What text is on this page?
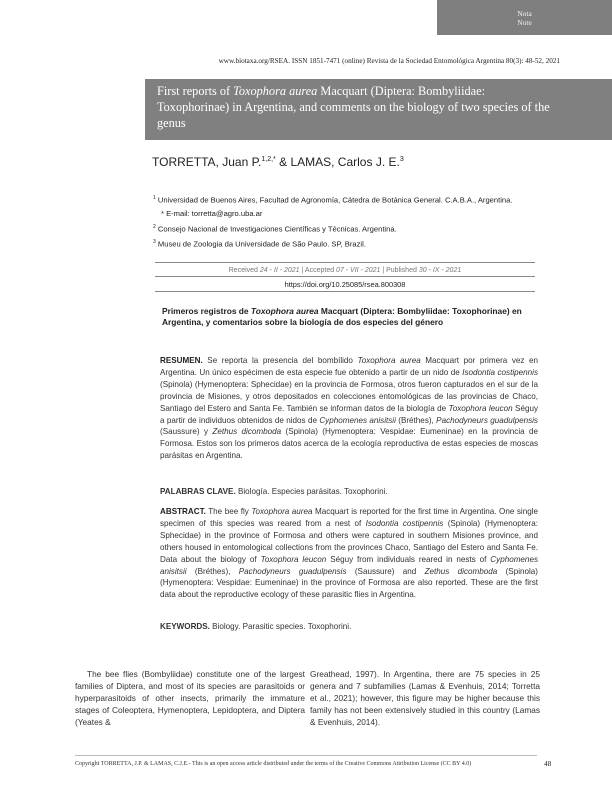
Nota
Note
www.biotaxa.org/RSEA. ISSN 1851-7471 (online) Revista de la Sociedad Entomológica Argentina 80(3): 48-52, 2021
First reports of Toxophora aurea Macquart (Diptera: Bombyliidae: Toxophorinae) in Argentina, and comments on the biology of two species of the genus
TORRETTA, Juan P.$^{1,2,*}$ & LAMAS, Carlos J. E.$^3$
$^1$ Universidad de Buenos Aires, Facultad de Agronomía, Cátedra de Botánica General. C.A.B.A., Argentina.
* E-mail: torretta@agro.uba.ar
$^2$ Consejo Nacional de Investigaciones Científicas y Técnicas. Argentina.
$^3$ Museu de Zoologia da Universidade de São Paulo. SP, Brazil.
Received 24 - II - 2021 | Accepted 07 - VII - 2021 | Published 30 - IX - 2021
https://doi.org/10.25085/rsea.800308
Primeros registros de Toxophora aurea Macquart (Diptera: Bombyliidae: Toxophorinae) en Argentina, y comentarios sobre la biología de dos especies del género
RESUMEN. Se reporta la presencia del bombílido Toxophora aurea Macquart por primera vez en Argentina. Un único espécimen de esta especie fue obtenido a partir de un nido de Isodontia costipennis (Spinola) (Hymenoptera: Sphecidae) en la provincia de Formosa, otros fueron capturados en el sur de la provincia de Misiones, y otros depositados en colecciones entomológicas de las provincias de Chaco, Santiago del Estero and Santa Fe. También se informan datos de la biología de Toxophora leucon Séguy a partir de individuos obtenidos de nidos de Cyphomenes anisitsii (Bréthes), Pachodyneurs guadulpensis (Saussure) y Zethus dicomboda (Spinola) (Hymenoptera: Vespidae: Eumeninae) en la provincia de Formosa. Estos son los primeros datos acerca de la ecología reproductiva de estas especies de moscas parásitas en Argentina.
PALABRAS CLAVE. Biología. Especies parásitas. Toxophorini.
ABSTRACT. The bee fly Toxophora aurea Macquart is reported for the first time in Argentina. One single specimen of this species was reared from a nest of Isodontia costipennis (Spinola) (Hymenoptera: Sphecidae) in the province of Formosa and others were captured in southern Misiones province, and others housed in entomological collections from the provinces Chaco, Santiago del Estero and Santa Fe. Data about the biology of Toxophora leucon Séguy from individuals reared in nests of Cyphomenes anisitsii (Bréthes), Pachodyneurs guadulpensis (Saussure) and Zethus dicomboda (Spinola) (Hymenoptera: Vespidae: Eumeninae) in the province of Formosa are also reported. These are the first data about the reproductive ecology of these parasitic flies in Argentina.
KEYWORDS. Biology. Parasitic species. Toxophorini.

The bee flies (Bombyliidae) constitute one of the largest families of Diptera, and most of its species are parasitoids or hyperparasitoids of other insects, primarily the immature stages of Coleoptera, Hymenoptera, Lepidoptera, and Diptera (Yeates &

Greathead, 1997). In Argentina, there are 75 species in 25 genera and 7 subfamilies (Lamas & Evenhuis, 2014; Torretta et al., 2021); however, this figure may be higher because this family has not been extensively studied in this country (Lamas & Evenhuis, 2014).

Copyright TORRETTA, J.P. & LAMAS, C.J.E.- This is an open access article distributed under the terms of the Creative Commons Attribution License (CC BY 4.0)	48
